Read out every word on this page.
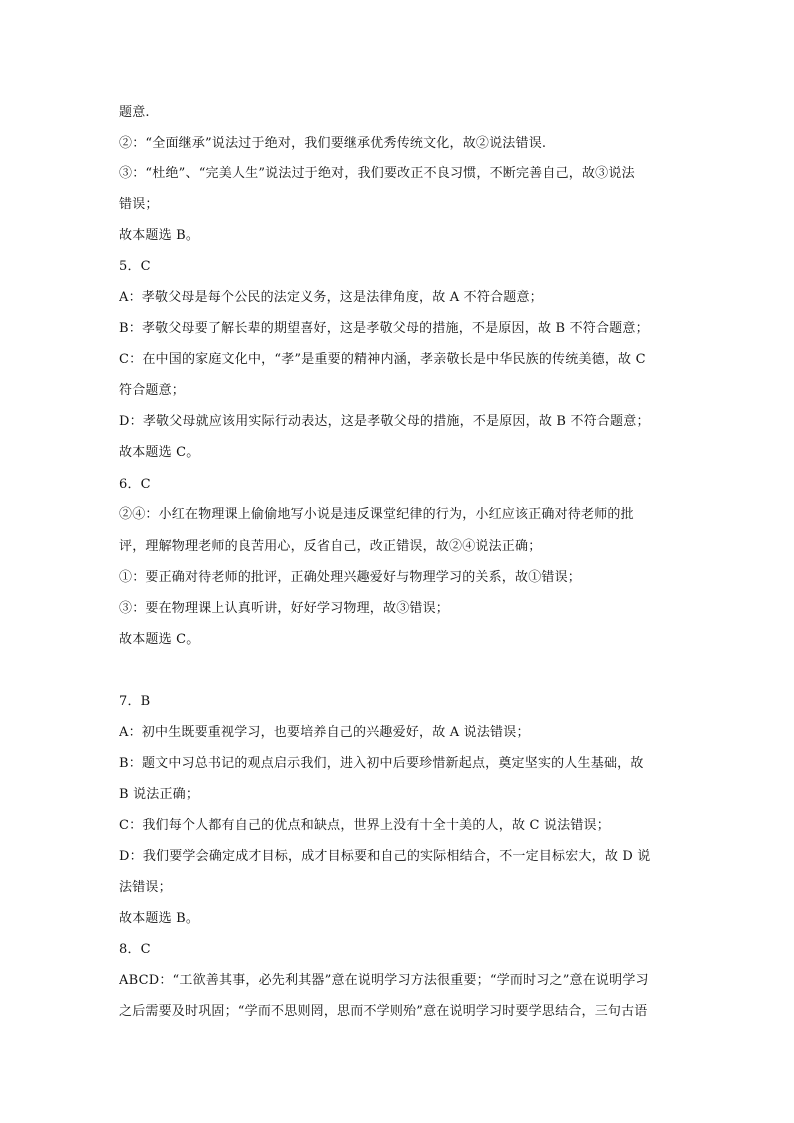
题意.
②：“全面继承”说法过于绝对，我们要继承优秀传统文化，故②说法错误.
③：“杜绝”、“完美人生”说法过于绝对，我们要改正不良习惯，不断完善自己，故③说法
错误；
故本题选 B。
5．C
A：孝敬父母是每个公民的法定义务，这是法律角度，故 A 不符合题意；
B：孝敬父母要了解长辈的期望喜好，这是孝敬父母的措施，不是原因，故 B 不符合题意；
C：在中国的家庭文化中，“孝”是重要的精神内涵，孝亲敬长是中华民族的传统美德，故 C
符合题意；
D：孝敬父母就应该用实际行动表达，这是孝敬父母的措施，不是原因，故 B 不符合题意；
故本题选 C。
6．C
②④：小红在物理课上偷偷地写小说是违反课堂纪律的行为，小红应该正确对待老师的批
评，理解物理老师的良苦用心，反省自己，改正错误，故②④说法正确；
①：要正确对待老师的批评，正确处理兴趣爱好与物理学习的关系，故①错误；
③：要在物理课上认真听讲，好好学习物理，故③错误；
故本题选 C。
7．B
A：初中生既要重视学习，也要培养自己的兴趣爱好，故 A 说法错误；
B：题文中习总书记的观点启示我们，进入初中后要珍惜新起点，奠定坚实的人生基础，故
B 说法正确；
C：我们每个人都有自己的优点和缺点，世界上没有十全十美的人，故 C 说法错误；
D：我们要学会确定成才目标，成才目标要和自己的实际相结合，不一定目标宏大，故 D 说
法错误；
故本题选 B。
8．C
ABCD：“工欲善其事，必先利其器”意在说明学习方法很重要；“学而时习之”意在说明学习
之后需要及时巩固；“学而不思则罔，思而不学则殆”意在说明学习时要学思结合，三句古语
